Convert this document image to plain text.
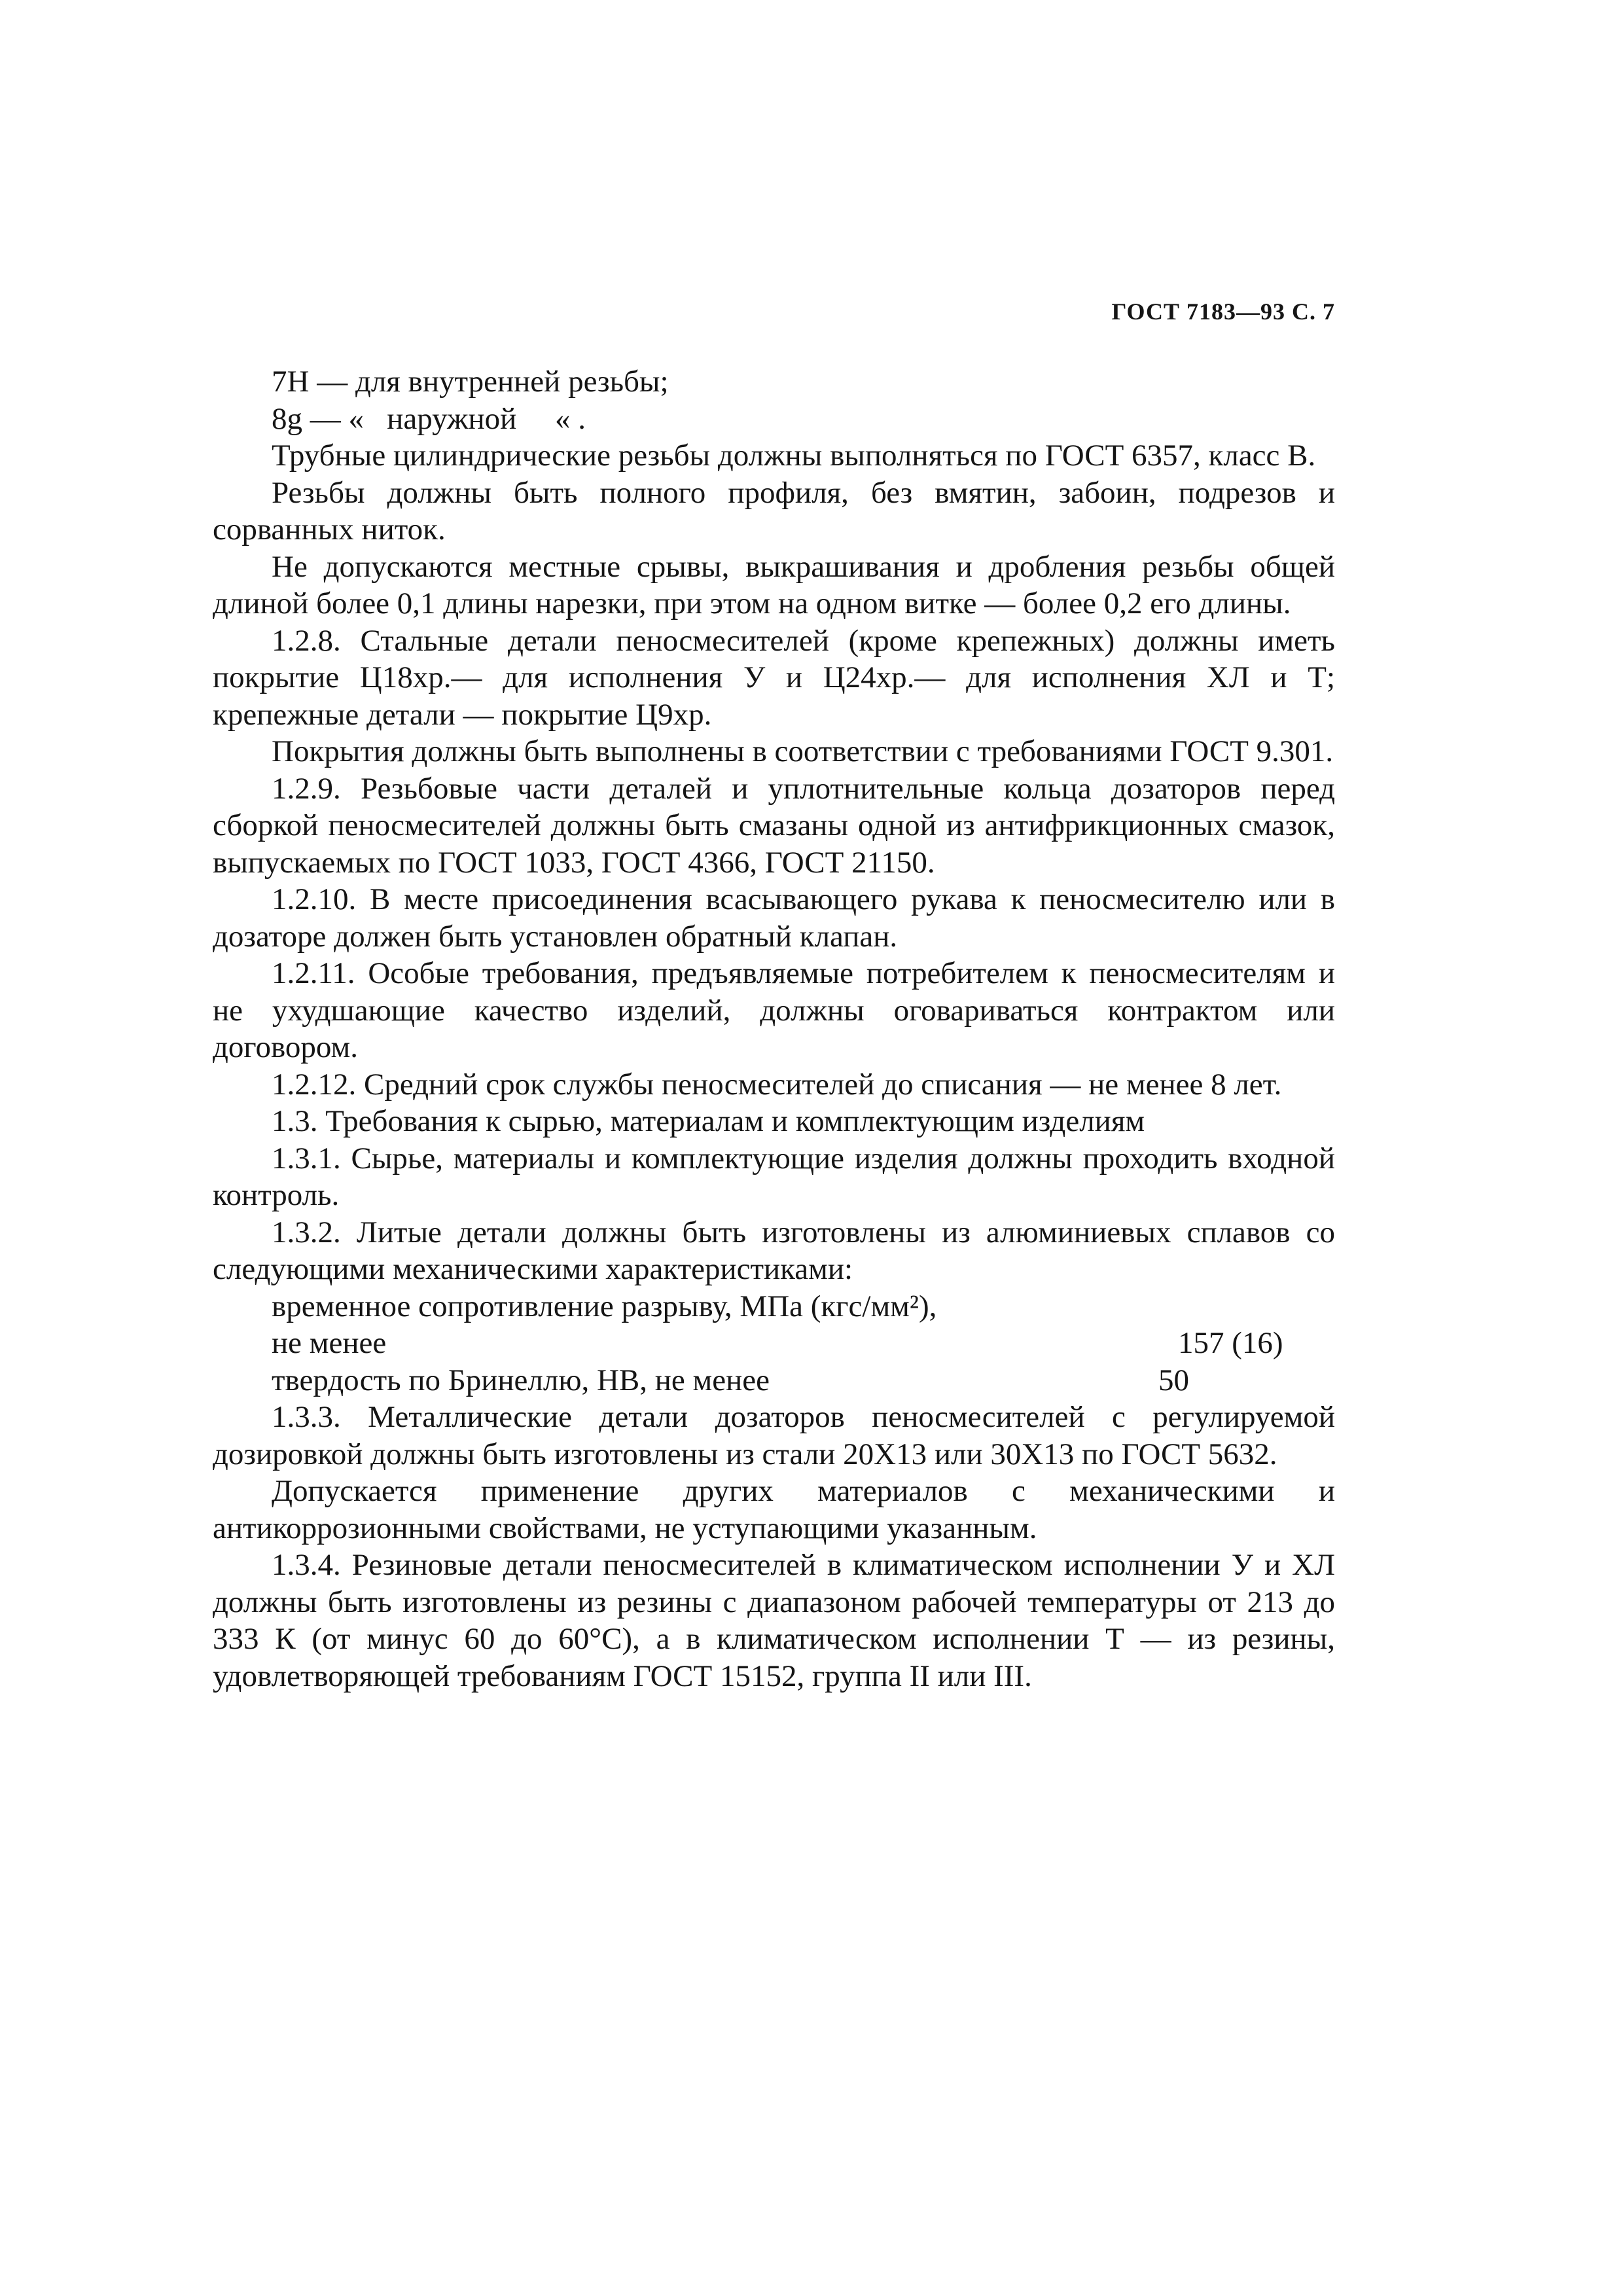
ГОСТ 7183—93 С. 7

7Н — для внутренней резьбы;

8g — «   наружной     « .

Трубные цилиндрические резьбы должны выполняться по ГОСТ 6357, класс В.

Резьбы должны быть полного профиля, без вмятин, забоин, подрезов и сорванных ниток.

Не допускаются местные срывы, выкрашивания и дробления резьбы общей длиной более 0,1 длины нарезки, при этом на одном витке — более 0,2 его длины.

1.2.8. Стальные детали пеносмесителей (кроме крепежных) должны иметь покрытие Ц18хр.— для исполнения У и Ц24хр.— для исполнения ХЛ и Т; крепежные детали — покрытие Ц9хр.

Покрытия должны быть выполнены в соответствии с требованиями ГОСТ 9.301.

1.2.9. Резьбовые части деталей и уплотнительные кольца дозаторов перед сборкой пеносмесителей должны быть смазаны одной из антифрикционных смазок, выпускаемых по ГОСТ 1033, ГОСТ 4366, ГОСТ 21150.

1.2.10. В месте присоединения всасывающего рукава к пеносмесителю или в дозаторе должен быть установлен обратный клапан.

1.2.11. Особые требования, предъявляемые потребителем к пеносмесителям и не ухудшающие качество изделий, должны оговариваться контрактом или договором.

1.2.12. Средний срок службы пеносмесителей до списания — не менее 8 лет.

1.3. Требования к сырью, материалам и комплектующим изделиям

1.3.1. Сырье, материалы и комплектующие изделия должны проходить входной контроль.

1.3.2. Литые детали должны быть изготовлены из алюминиевых сплавов со следующими механическими характеристиками:

временное сопротивление разрыву, МПа (кгс/мм²),

не менее	157 (16)
твердость по Бринеллю, НВ, не менее	50

1.3.3. Металлические детали дозаторов пеносмесителей с регулируемой дозировкой должны быть изготовлены из стали 20Х13 или 30Х13 по ГОСТ 5632.

Допускается применение других материалов с механическими и антикоррозионными свойствами, не уступающими указанным.

1.3.4. Резиновые детали пеносмесителей в климатическом исполнении У и ХЛ должны быть изготовлены из резины с диапазоном рабочей температуры от 213 до 333 К (от минус 60 до 60°С), а в климатическом исполнении Т — из резины, удовлетворяющей требованиям ГОСТ 15152, группа II или III.
